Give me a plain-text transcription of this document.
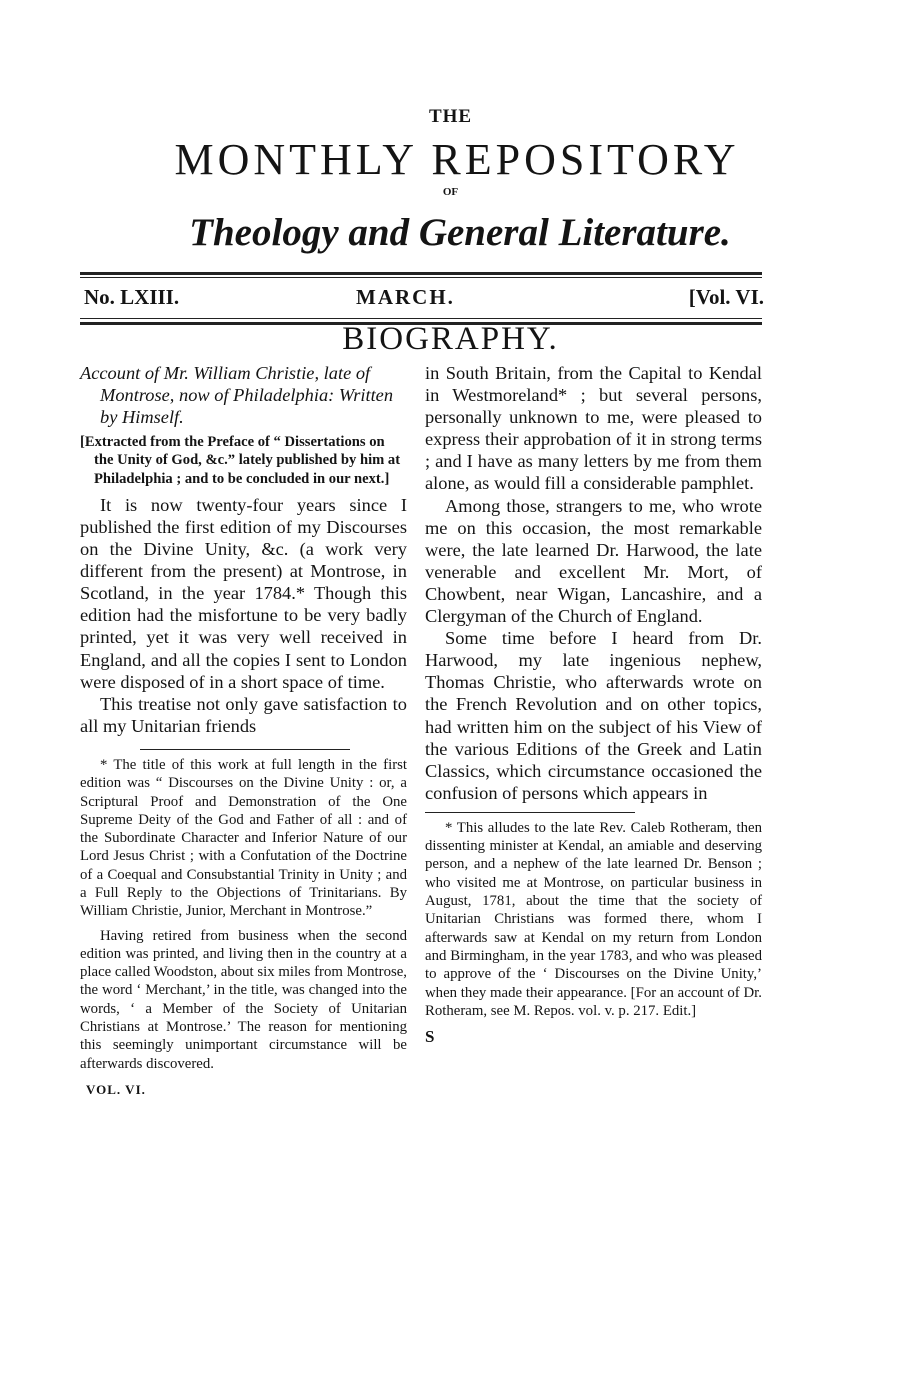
THE
MONTHLY REPOSITORY
OF
Theology and General Literature.
No. LXIII.	MARCH.	[Vol. VI.
BIOGRAPHY.

Account of Mr. William Christie, late of Montrose, now of Philadelphia: Written by Himself.

[Extracted from the Preface of “ Dissertations on the Unity of God, &c.” lately published by him at Philadelphia ; and to be concluded in our next.]

It is now twenty-four years since I published the first edition of my Discourses on the Divine Unity, &c. (a work very different from the present) at Montrose, in Scotland, in the year 1784.* Though this edition had the misfortune to be very badly printed, yet it was very well received in England, and all the copies I sent to London were disposed of in a short space of time.

This treatise not only gave satisfaction to all my Unitarian friends

* The title of this work at full length in the first edition was “ Discourses on the Divine Unity : or, a Scriptural Proof and Demonstration of the One Supreme Deity of the God and Father of all : and of the Subordinate Character and Inferior Nature of our Lord Jesus Christ ; with a Confutation of the Doctrine of a Coequal and Consubstantial Trinity in Unity ; and a Full Reply to the Objections of Trinitarians. By William Christie, Junior, Merchant in Montrose.”

Having retired from business when the second edition was printed, and living then in the country at a place called Woodston, about six miles from Montrose, the word ‘ Merchant,’ in the title, was changed into the words, ‘ a Member of the Society of Unitarian Christians at Montrose.’ The reason for mentioning this seemingly unimportant circumstance will be afterwards discovered.

VOL. VI.

in South Britain, from the Capital to Kendal in Westmoreland* ; but several persons, personally unknown to me, were pleased to express their approbation of it in strong terms ; and I have as many letters by me from them alone, as would fill a considerable pamphlet.

Among those, strangers to me, who wrote me on this occasion, the most remarkable were, the late learned Dr. Harwood, the late venerable and excellent Mr. Mort, of Chowbent, near Wigan, Lancashire, and a Clergyman of the Church of England.

Some time before I heard from Dr. Harwood, my late ingenious nephew, Thomas Christie, who afterwards wrote on the French Revolution and on other topics, had written him on the subject of his View of the various Editions of the Greek and Latin Classics, which circumstance occasioned the confusion of persons which appears in

* This alludes to the late Rev. Caleb Rotheram, then dissenting minister at Kendal, an amiable and deserving person, and a nephew of the late learned Dr. Benson ; who visited me at Montrose, on particular business in August, 1781, about the time that the society of Unitarian Christians was formed there, whom I afterwards saw at Kendal on my return from London and Birmingham, in the year 1783, and who was pleased to approve of the ‘ Discourses on the Divine Unity,’ when they made their appearance. [For an account of Dr. Rotheram, see M. Repos. vol. v. p. 217. Edit.]

S
